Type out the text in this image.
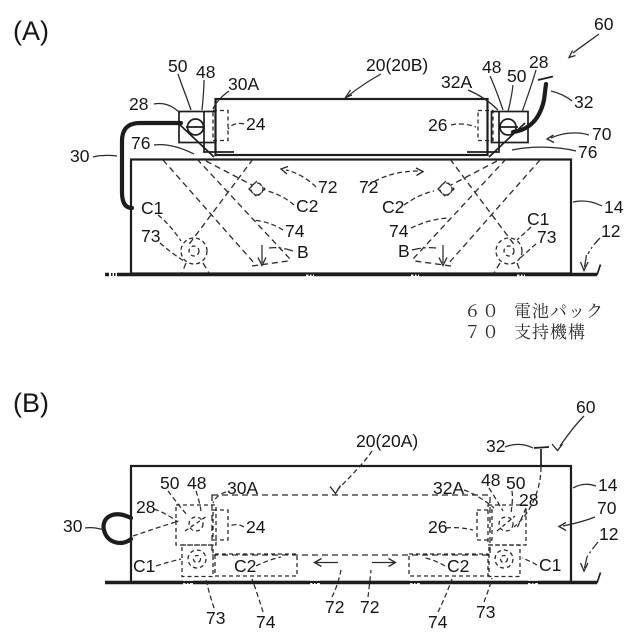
(A)
50 48
30A
28
24
20(20B)
32A
48 50
28
26
60
32
70
76
76
30
72 72
C2	C2
74	74
B	B
C1
C1
73	73
14
12
６０ 電池パック
７０ 支持機構
(B)
20(20A)	32
60
14
70
12
50 48 30A
28
24
C1	C2
26
32A 48 50
28
C2	C1
30
73 74
72 72
74 73
